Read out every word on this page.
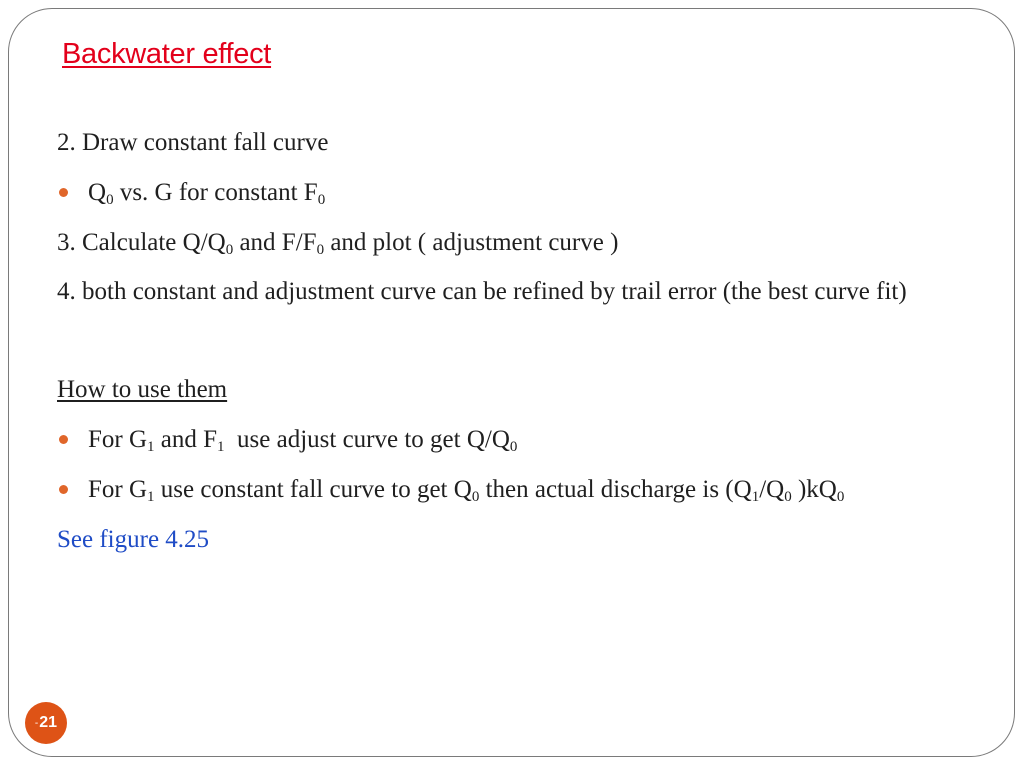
Backwater effect

2. Draw constant fall curve

$Q_0$ vs. G for constant $F_0$

3. Calculate $Q/Q_0$ and $F/F_0$ and plot ( adjustment curve )

4. both constant and adjustment curve can be refined by trail error (the best curve fit)

How to use them

For $G_1$ and $F_1$  use adjust curve to get $Q/Q_0$

For $G_1$ use constant fall curve to get $Q_0$ then actual discharge is ($Q_1/Q_0$ )$kQ_0$

See figure 4.25

- 21
